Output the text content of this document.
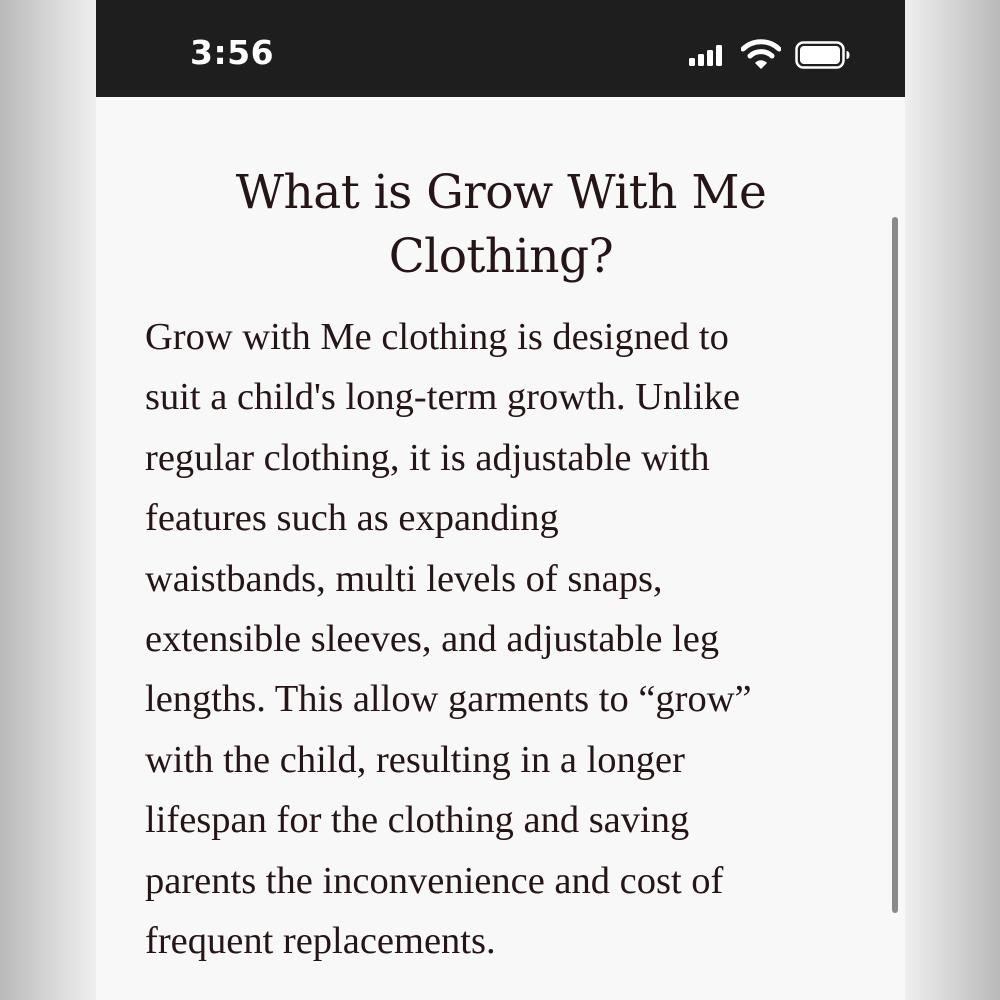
3:56
What is Grow With Me
Clothing?

Grow with Me clothing is designed to
suit a child's long-term growth. Unlike
regular clothing, it is adjustable with
features such as expanding
waistbands, multi levels of snaps,
extensible sleeves, and adjustable leg
lengths. This allow garments to “grow”
with the child, resulting in a longer
lifespan for the clothing and saving
parents the inconvenience and cost of
frequent replacements.
